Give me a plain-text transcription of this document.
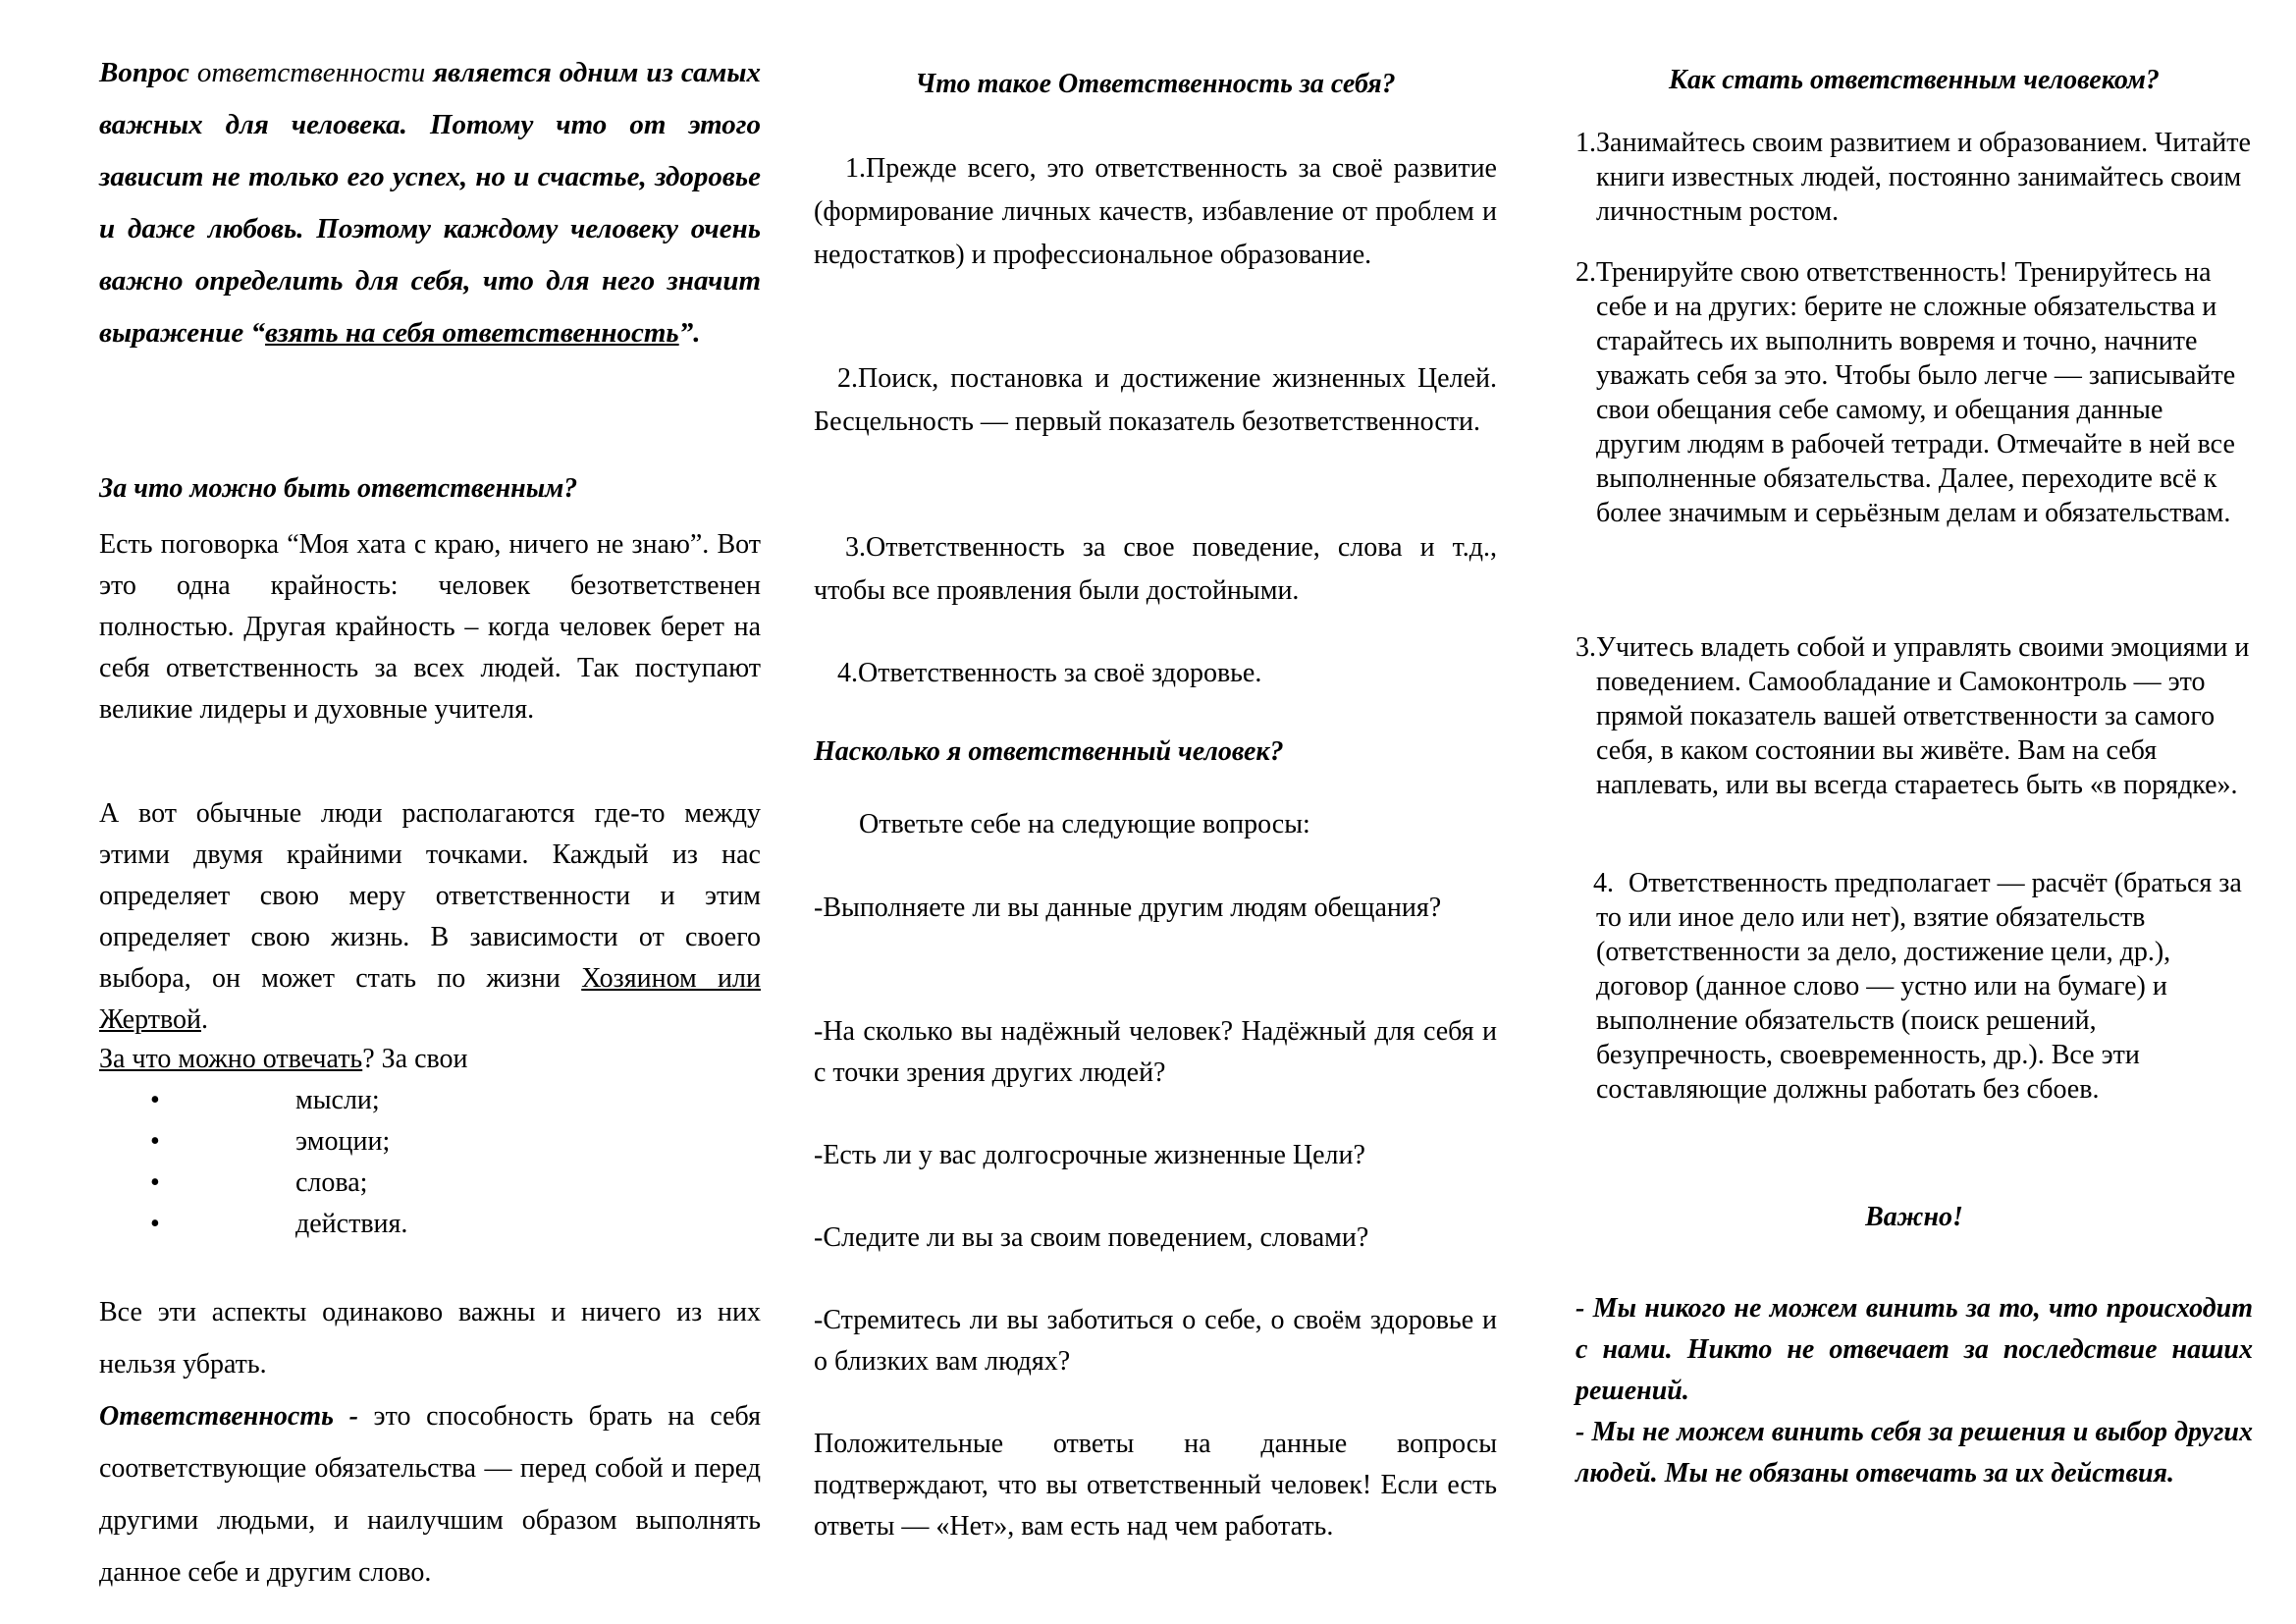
Вопрос ответственности является одним из самых важных для человека. Потому что от этого зависит не только его успех, но и счастье, здоровье и даже любовь. Поэтому каждому человеку очень важно определить для себя, что для него значит выражение “взять на себя ответственность”.

За что можно быть ответственным?

Есть поговорка “Моя хата с краю, ничего не знаю”. Вот это одна крайность: человек безответственен полностью. Другая крайность – когда человек берет на себя ответственность за всех людей. Так поступают великие лидеры и духовные учителя.

А вот обычные люди располагаются где-то между этими двумя крайними точками. Каждый из нас определяет свою меру ответственности и этим определяет свою жизнь. В зависимости от своего выбора, он может стать по жизни Хозяином или Жертвой.

За что можно отвечать? За свои

•	мысли;
•	эмоции;
•	слова;
•	действия.

Все эти аспекты одинаково важны и ничего из них нельзя убрать.

Ответственность - это способность брать на себя соответствующие обязательства — перед собой и перед другими людьми, и наилучшим образом выполнять данное себе и другим слово.

Что такое Ответственность за себя?

1.Прежде всего, это ответственность за своё развитие (формирование личных качеств, избавление от проблем и недостатков) и профессиональное образование.

2.Поиск, постановка и достижение жизненных Целей. Бесцельность — первый показатель безответственности.

3.Ответственность за свое поведение, слова и т.д., чтобы все проявления были достойными.

4.Ответственность за своё здоровье.

Насколько я ответственный человек?

Ответьте себе на следующие вопросы:

-Выполняете ли вы данные другим людям обещания?

-На сколько вы надёжный человек? Надёжный для себя и с точки зрения других людей?

-Есть ли у вас долгосрочные жизненные Цели?

-Следите ли вы за своим поведением, словами?

-Стремитесь ли вы заботиться о себе, о своём здоровье и о близких вам людях?

Положительные ответы на данные вопросы подтверждают, что вы ответственный человек! Если есть ответы — «Нет», вам есть над чем работать.

Как стать ответственным человеком?

1. Занимайтесь своим развитием и образованием. Читайте книги известных людей, постоянно занимайтесь своим личностным ростом.
2. Тренируйте свою ответственность! Тренируйтесь на себе и на других: берите не сложные обязательства и старайтесь их выполнить вовремя и точно, начните уважать себя за это. Чтобы было легче — записывайте свои обещания себе самому, и обещания данные другим людям в рабочей тетради. Отмечайте в ней все выполненные обязательства. Далее, переходите всё к более значимым и серьёзным делам и обязательствам.
3. Учитесь владеть собой и управлять своими эмоциями и поведением. Самообладание и Самоконтроль — это прямой показатель вашей ответственности за самого себя, в каком состоянии вы живёте. Вам на себя наплевать, или вы всегда стараетесь быть «в порядке».
4. Ответственность предполагает — расчёт (браться за то или иное дело или нет), взятие обязательств (ответственности за дело, достижение цели, др.), договор (данное слово — устно или на бумаге) и выполнение обязательств (поиск решений, безупречность, своевременность, др.). Все эти составляющие должны работать без сбоев.

Важно!

- Мы никого не можем винить за то, что происходит с нами. Никто не отвечает за последствие наших решений.

- Мы не можем винить себя за решения и выбор других людей. Мы не обязаны отвечать за их действия.
